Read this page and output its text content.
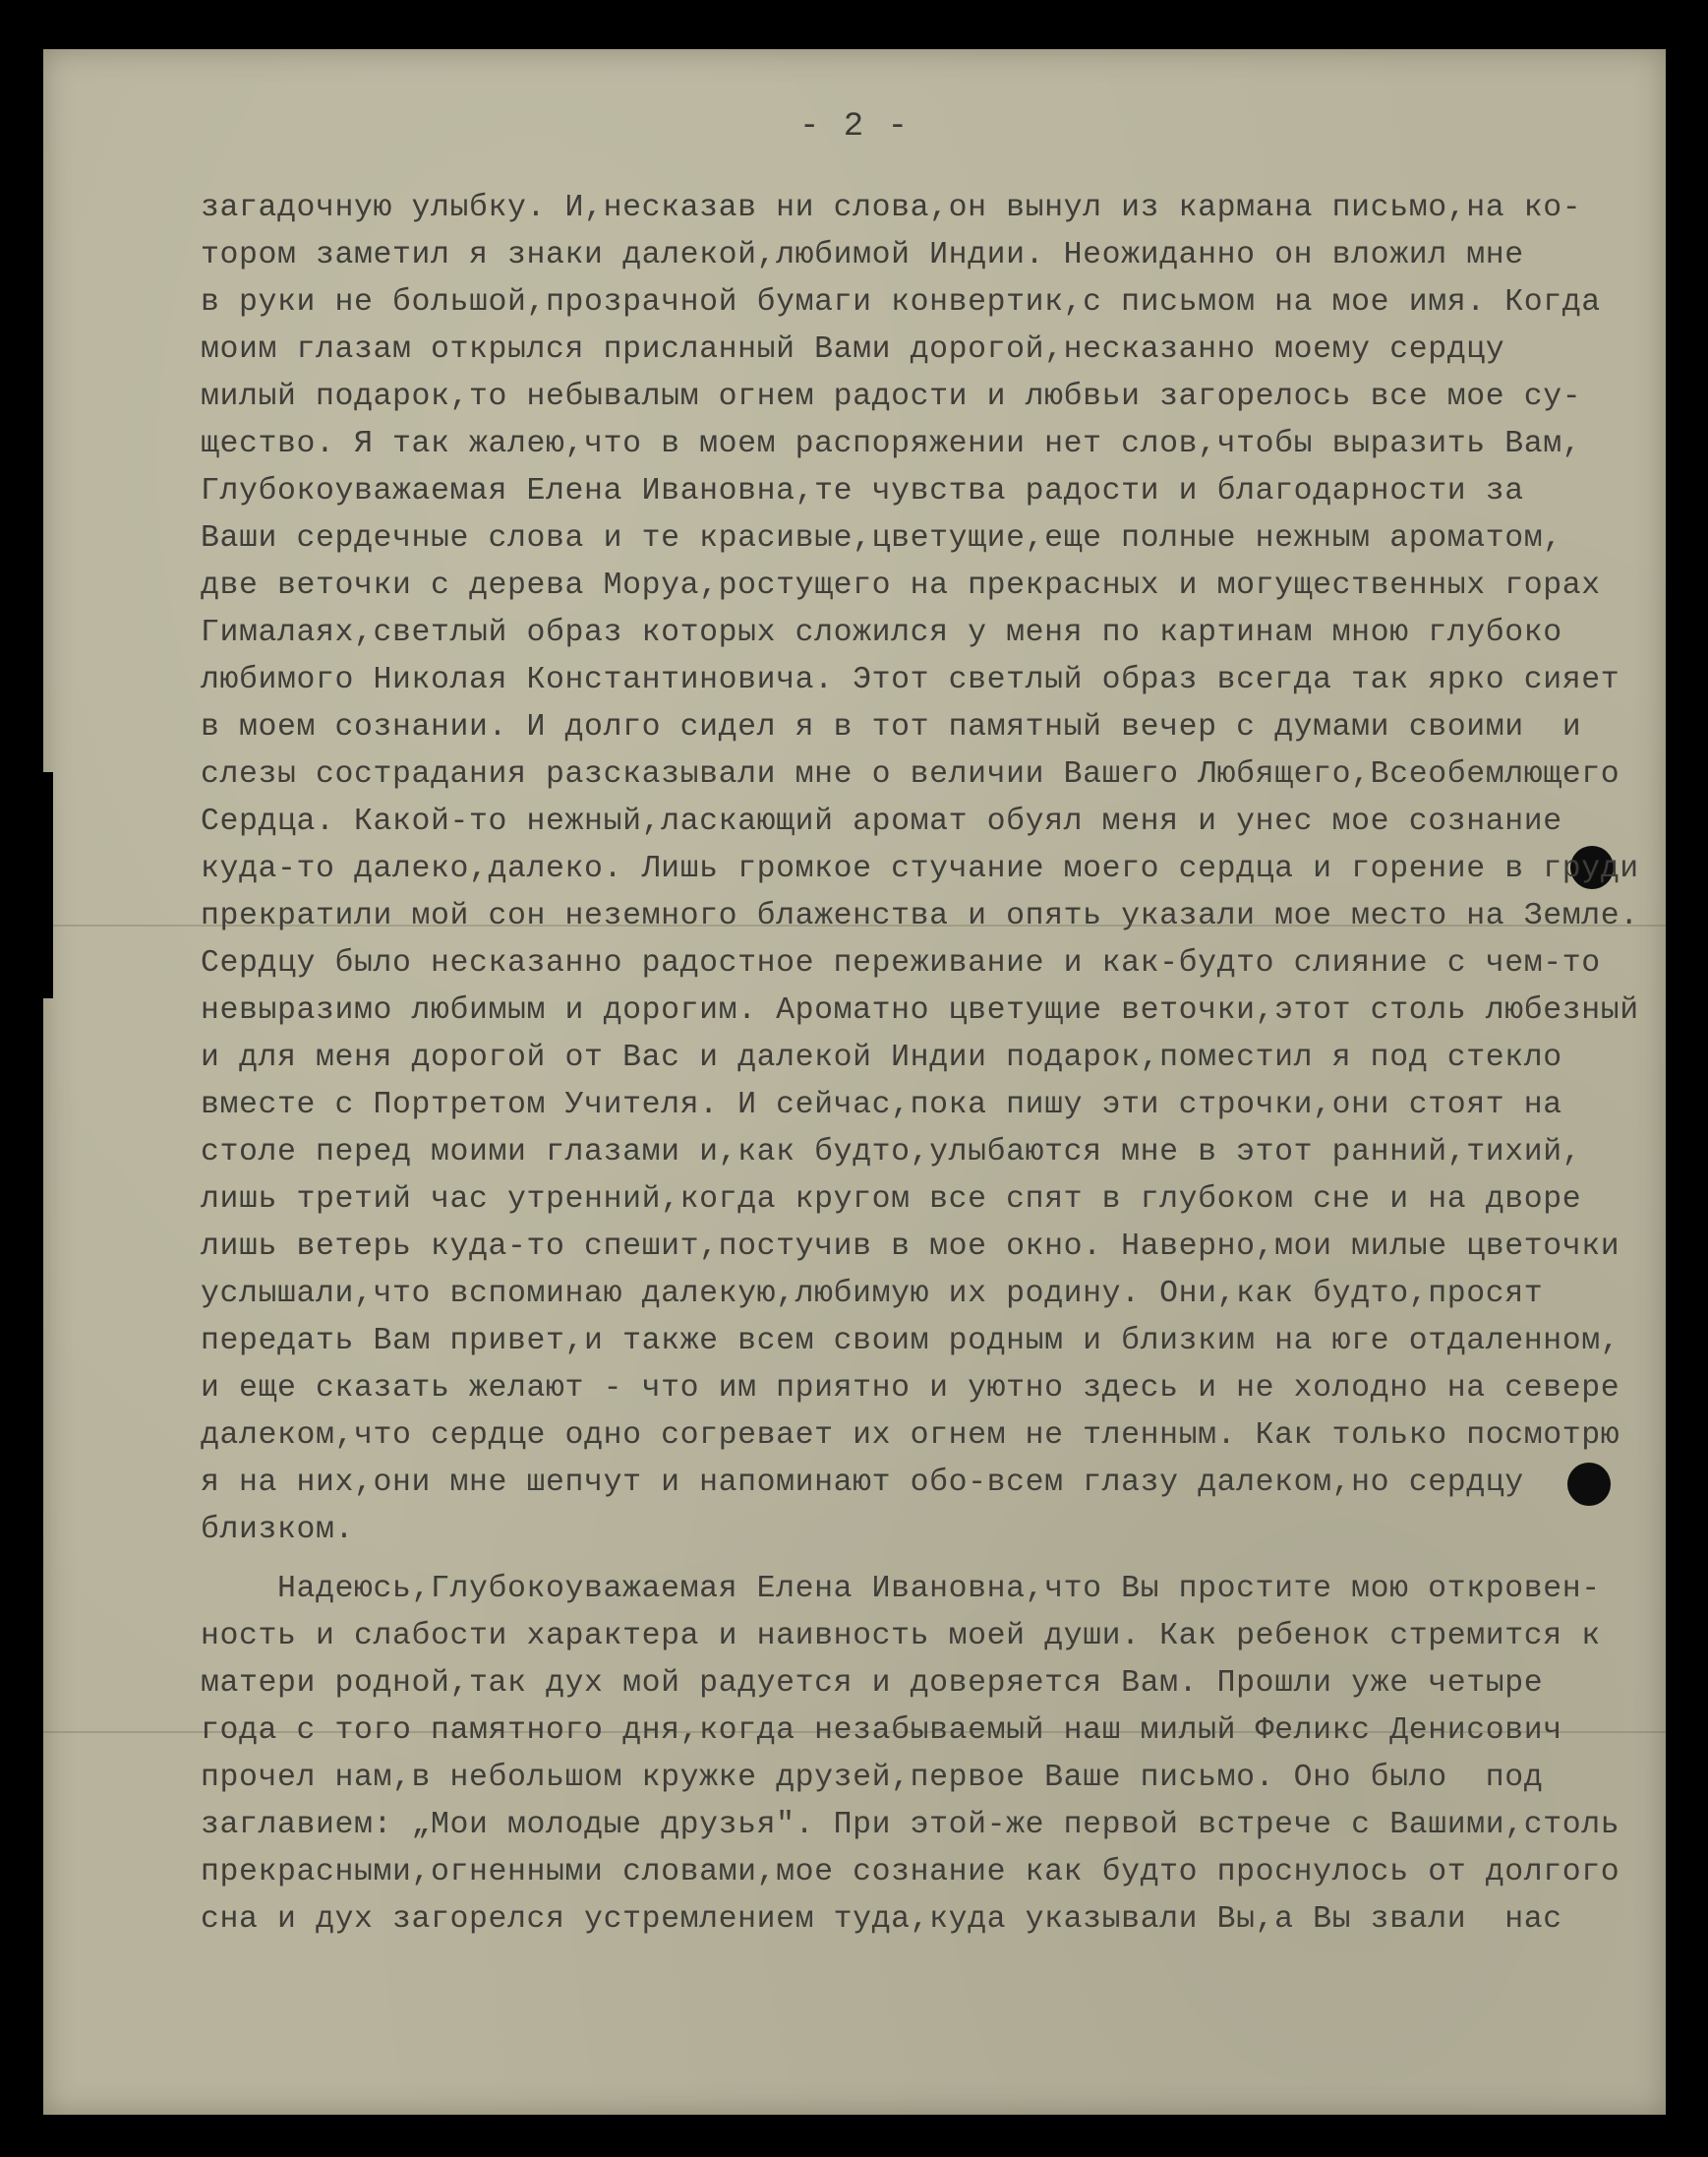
- 2 -
загадочную улыбку. И,несказав ни слова,он вынул из кармана письмо,на ко-
тором заметил я знаки далекой,любимой Индии. Неожиданно он вложил мне
в руки не большой,прозрачной бумаги конвертик,с письмом на мое имя. Когда
моим глазам открылся присланный Вами дорогой,несказанно моему сердцу
милый подарок,то небывалым огнем радости и любвьи загорелось все мое су-
щество. Я так жалею,что в моем распоряжении нет слов,чтобы выразить Вам,
Глубокоуважаемая Елена Ивановна,те чувства радости и благодарности за
Ваши сердечные слова и те красивые,цветущие,еще полные нежным ароматом,
две веточки с дерева Моруа,ростущего на прекрасных и могущественных горах
Гималаях,светлый образ которых сложился у меня по картинам мною глубоко
любимого Николая Константиновича. Этот светлый образ всегда так ярко сияет
в моем сознании. И долго сидел я в тот памятный вечер с думами своими  и
слезы сострадания разсказывали мне о величии Вашего Любящего,Всеобемлющего
Сердца. Какой-то нежный,ласкающий аромат обуял меня и унес мое сознание
куда-то далеко,далеко. Лишь громкое стучание моего сердца и горение в груди
прекратили мой сон неземного блаженства и опять указали мое место на Земле.
Сердцу было несказанно радостное переживание и как-будто слияние с чем-то
невыразимо любимым и дорогим. Ароматно цветущие веточки,этот столь любезный
и для меня дорогой от Вас и далекой Индии подарок,поместил я под стекло
вместе с Портретом Учителя. И сейчас,пока пишу эти строчки,они стоят на
столе перед моими глазами и,как будто,улыбаются мне в этот ранний,тихий,
лишь третий час утренний,когда кругом все спят в глубоком сне и на дворе
лишь ветерь куда-то спешит,постучив в мое окно. Наверно,мои милые цветочки
услышали,что вспоминаю далекую,любимую их родину. Они,как будто,просят
передать Вам привет,и также всем своим родным и близким на юге отдаленном,
и еще сказать желают - что им приятно и уютно здесь и не холодно на севере
далеком,что сердце одно согревает их огнем не тленным. Как только посмотрю
я на них,они мне шепчут и напоминают обо-всем глазу далеком,но сердцу
близком.
Надеюсь,Глубокоуважаемая Елена Ивановна,что Вы простите мою откровен-
ность и слабости характера и наивность моей души. Как ребенок стремится к
матери родной,так дух мой радуется и доверяется Вам. Прошли уже четыре
года с того памятного дня,когда незабываемый наш милый Феликс Денисович
прочел нам,в небольшом кружке друзей,первое Ваше письмо. Оно было  под
заглавием: „Мои молодые друзья". При этой-же первой встрече с Вашими,столь
прекрасными,огненными словами,мое сознание как будто проснулось от долгого
сна и дух загорелся устремлением туда,куда указывали Вы,а Вы звали  нас
